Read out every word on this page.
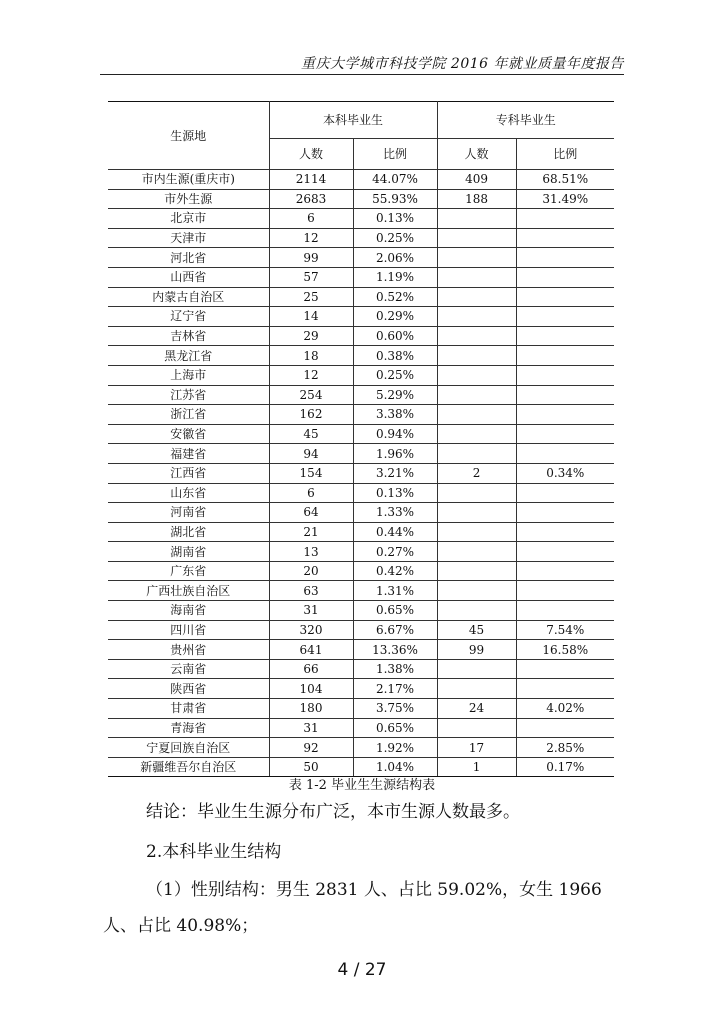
重庆大学城市科技学院 2016 年就业质量年度报告
生源地	本科毕业生		专科毕业生	
	人数	比例	人数	比例
市内生源(重庆市)	2114	44.07%	409	68.51%
市外生源	2683	55.93%	188	31.49%
北京市	6	0.13%		
天津市	12	0.25%		
河北省	99	2.06%		
山西省	57	1.19%		
内蒙古自治区	25	0.52%		
辽宁省	14	0.29%		
吉林省	29	0.60%		
黑龙江省	18	0.38%		
上海市	12	0.25%		
江苏省	254	5.29%		
浙江省	162	3.38%		
安徽省	45	0.94%		
福建省	94	1.96%		
江西省	154	3.21%	2	0.34%
山东省	6	0.13%		
河南省	64	1.33%		
湖北省	21	0.44%		
湖南省	13	0.27%		
广东省	20	0.42%		
广西壮族自治区	63	1.31%		
海南省	31	0.65%		
四川省	320	6.67%	45	7.54%
贵州省	641	13.36%	99	16.58%
云南省	66	1.38%		
陕西省	104	2.17%		
甘肃省	180	3.75%	24	4.02%
青海省	31	0.65%		
宁夏回族自治区	92	1.92%	17	2.85%
新疆维吾尔自治区	50	1.04%	1	0.17%
表 1-2 毕业生生源结构表
结论：毕业生生源分布广泛，本市生源人数最多。
2.本科毕业生结构
（1）性别结构：男生 2831 人、占比 59.02%，女生 1966
人、占比 40.98%；
4 / 27
